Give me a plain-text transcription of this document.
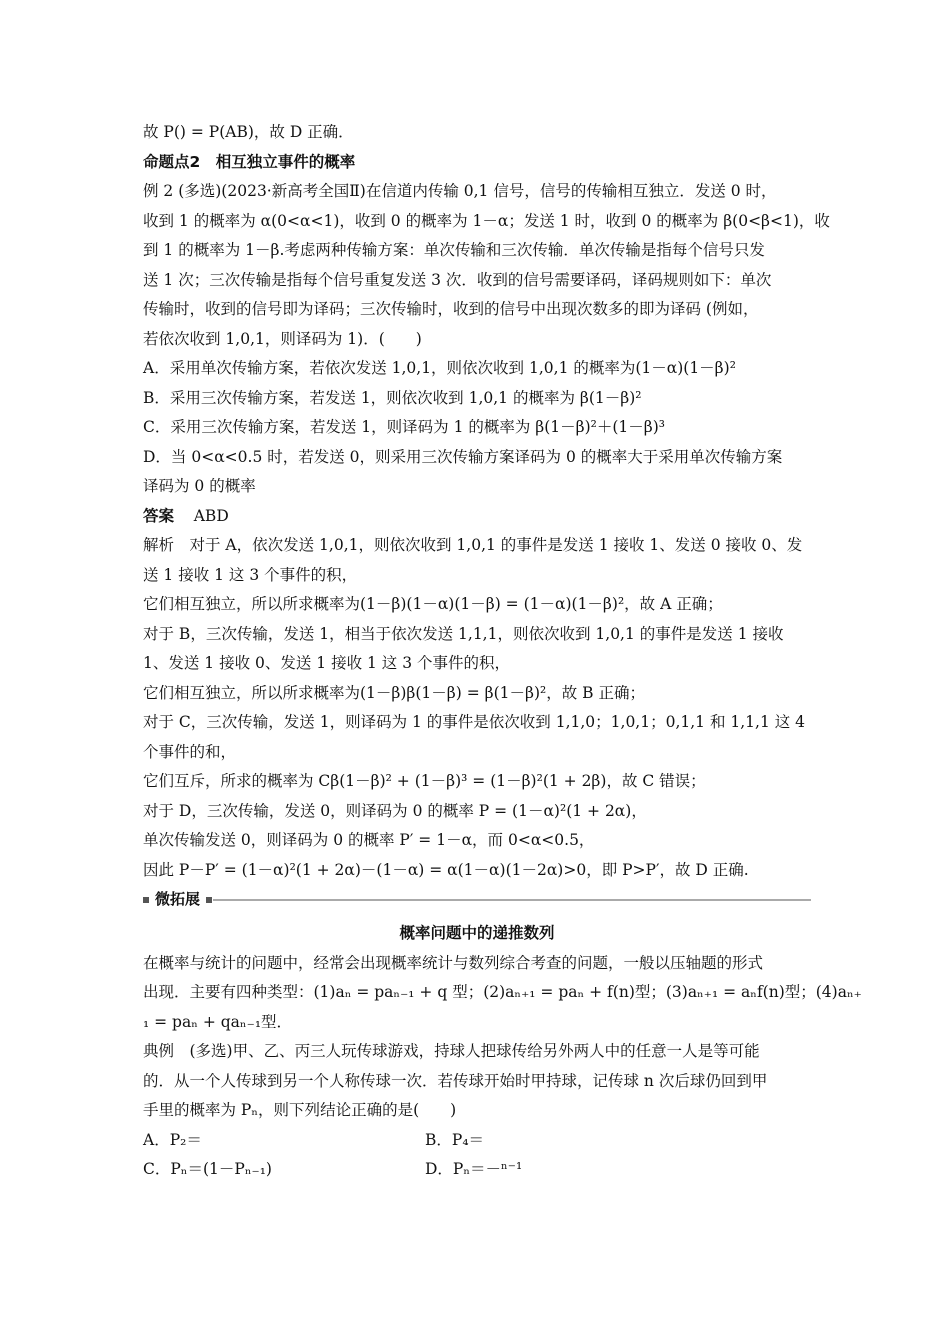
故 P() = P(AB)，故 D 正确．
命题点2　相互独立事件的概率
例 2 (多选)(2023·新高考全国Ⅱ)在信道内传输 0,1 信号，信号的传输相互独立．发送 0 时，
收到 1 的概率为 α(0<α<1)，收到 0 的概率为 1－α；发送 1 时，收到 0 的概率为 β(0<β<1)，收
到 1 的概率为 1－β.考虑两种传输方案：单次传输和三次传输．单次传输是指每个信号只发
送 1 次；三次传输是指每个信号重复发送 3 次．收到的信号需要译码，译码规则如下：单次
传输时，收到的信号即为译码；三次传输时，收到的信号中出现次数多的即为译码 (例如，
若依次收到 1,0,1，则译码为 1)．(　　)
A．采用单次传输方案，若依次发送 1,0,1，则依次收到 1,0,1 的概率为(1－α)(1－β)²
B．采用三次传输方案，若发送 1，则依次收到 1,0,1 的概率为 β(1－β)²
C．采用三次传输方案，若发送 1，则译码为 1 的概率为 β(1－β)²＋(1－β)³
D．当 0<α<0.5 时，若发送 0，则采用三次传输方案译码为 0 的概率大于采用单次传输方案
译码为 0 的概率
答案 ABD
解析　对于 A，依次发送 1,0,1，则依次收到 1,0,1 的事件是发送 1 接收 1、发送 0 接收 0、发
送 1 接收 1 这 3 个事件的积，
它们相互独立，所以所求概率为(1－β)(1－α)(1－β) = (1－α)(1－β)²，故 A 正确；
对于 B，三次传输，发送 1，相当于依次发送 1,1,1，则依次收到 1,0,1 的事件是发送 1 接收
1、发送 1 接收 0、发送 1 接收 1 这 3 个事件的积，
它们相互独立，所以所求概率为(1－β)β(1－β) = β(1－β)²，故 B 正确；
对于 C，三次传输，发送 1，则译码为 1 的事件是依次收到 1,1,0；1,0,1；0,1,1 和 1,1,1 这 4
个事件的和，
它们互斥，所求的概率为 Cβ(1－β)² + (1－β)³ = (1－β)²(1 + 2β)，故 C 错误；
对于 D，三次传输，发送 0，则译码为 0 的概率 P = (1－α)²(1 + 2α)，
单次传输发送 0，则译码为 0 的概率 P′ = 1－α，而 0<α<0.5，
因此 P－P′ = (1－α)²(1 + 2α)－(1－α) = α(1－α)(1－2α)>0，即 P>P′，故 D 正确.
微拓展
概率问题中的递推数列
在概率与统计的问题中，经常会出现概率统计与数列综合考查的问题，一般以压轴题的形式
出现．主要有四种类型：(1)aₙ = paₙ₋₁ + q 型；(2)aₙ₊₁ = paₙ + f(n)型；(3)aₙ₊₁ = aₙf(n)型；(4)aₙ₊
₁ = paₙ + qaₙ₋₁型．
典例　(多选)甲、乙、丙三人玩传球游戏，持球人把球传给另外两人中的任意一人是等可能
的．从一个人传球到另一个人称传球一次．若传球开始时甲持球，记传球 n 次后球仍回到甲
手里的概率为 Pₙ，则下列结论正确的是(　　)
A．P₂＝	B．P₄＝
C．Pₙ＝(1－Pₙ₋₁)	D．Pₙ＝－ⁿ⁻¹
